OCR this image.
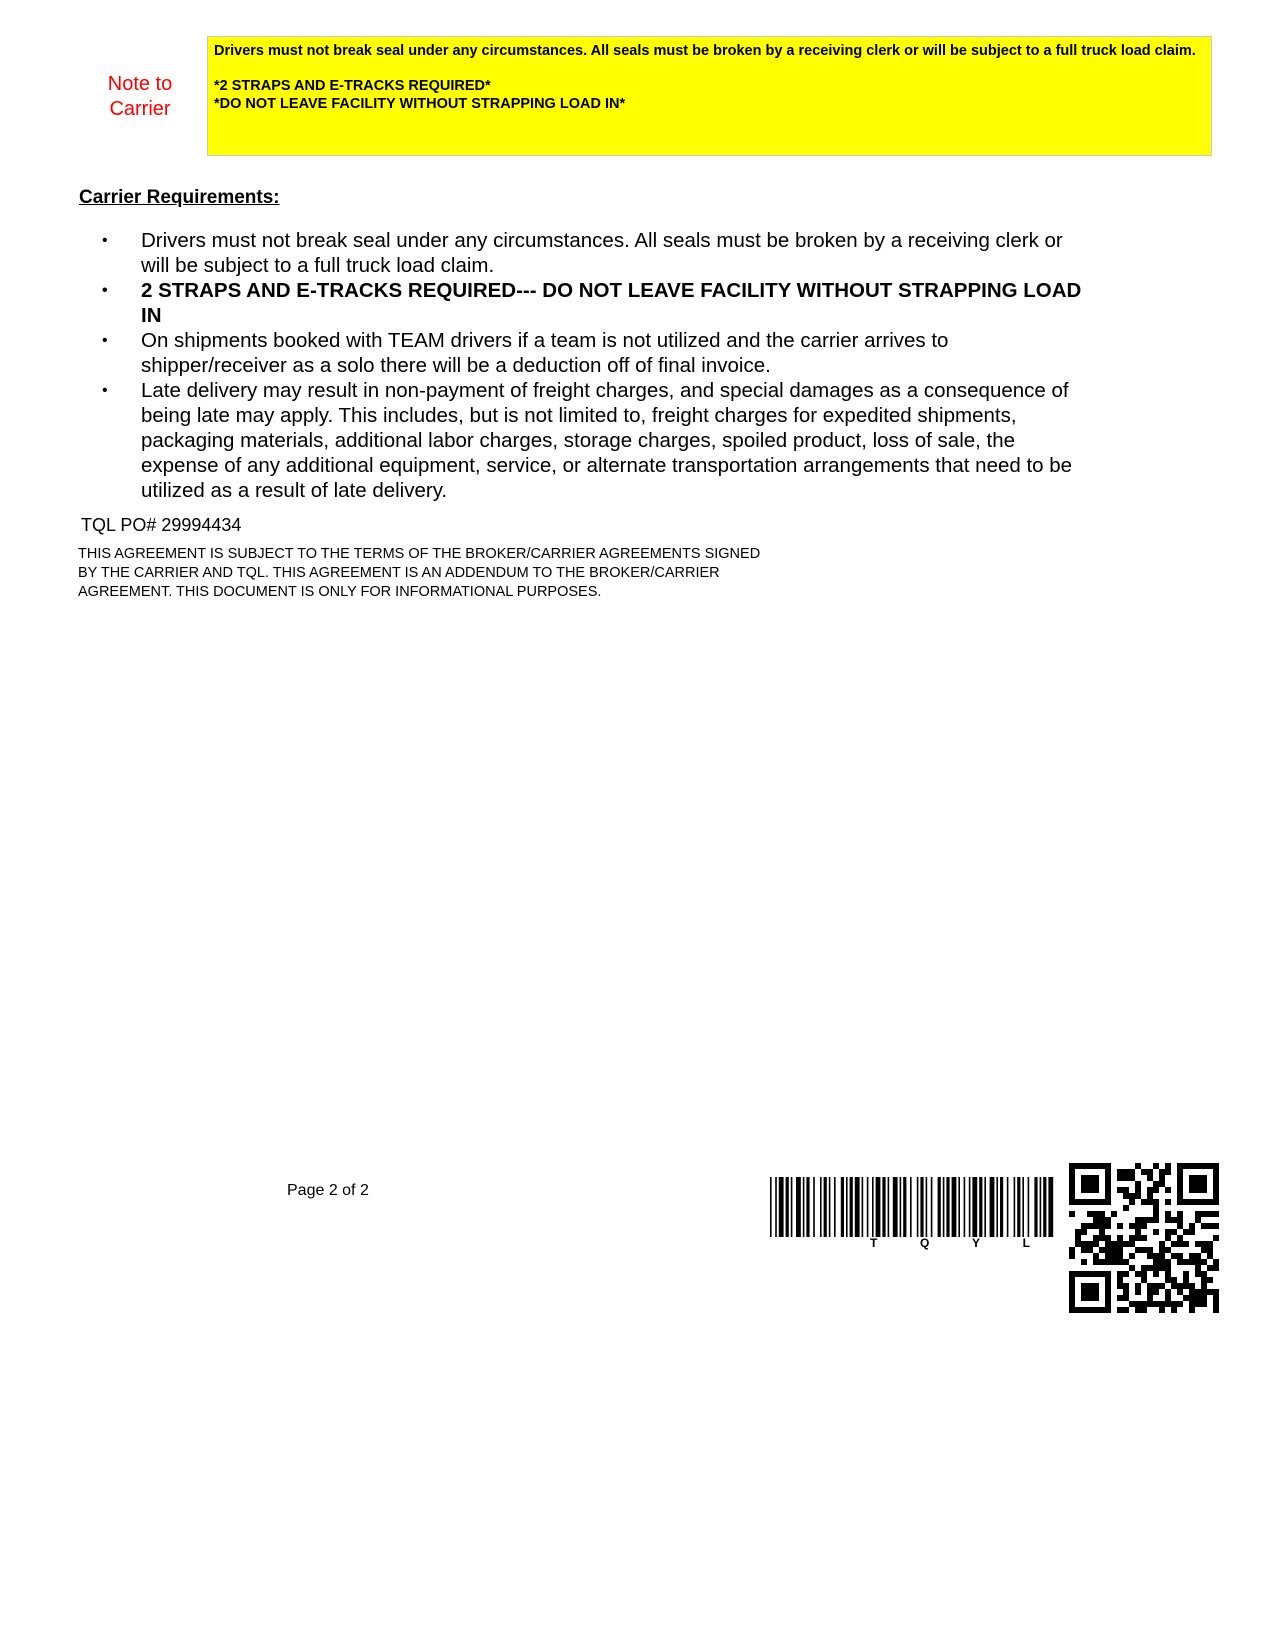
Note to Carrier

Drivers must not break seal under any circumstances. All seals must be broken by a receiving clerk or will be subject to a full truck load claim.

*2 STRAPS AND E-TRACKS REQUIRED*

*DO NOT LEAVE FACILITY WITHOUT STRAPPING LOAD IN*

Carrier Requirements:
• Drivers must not break seal under any circumstances. All seals must be broken by a receiving clerk or will be subject to a full truck load claim.
• 2 STRAPS AND E-TRACKS REQUIRED--- DO NOT LEAVE FACILITY WITHOUT STRAPPING LOAD IN
• On shipments booked with TEAM drivers if a team is not utilized and the carrier arrives to shipper/receiver as a solo there will be a deduction off of final invoice.
• Late delivery may result in non-payment of freight charges, and special damages as a consequence of being late may apply. This includes, but is not limited to, freight charges for expedited shipments, packaging materials, additional labor charges, storage charges, spoiled product, loss of sale, the expense of any additional equipment, service, or alternate transportation arrangements that need to be utilized as a result of late delivery.
TQL PO# 29994434
THIS AGREEMENT IS SUBJECT TO THE TERMS OF THE BROKER/CARRIER AGREEMENTS SIGNED BY THE CARRIER AND TQL. THIS AGREEMENT IS AN ADDENDUM TO THE BROKER/CARRIER AGREEMENT. THIS DOCUMENT IS ONLY FOR INFORMATIONAL PURPOSES.
Page 2 of 2
T	Q	Y	L
